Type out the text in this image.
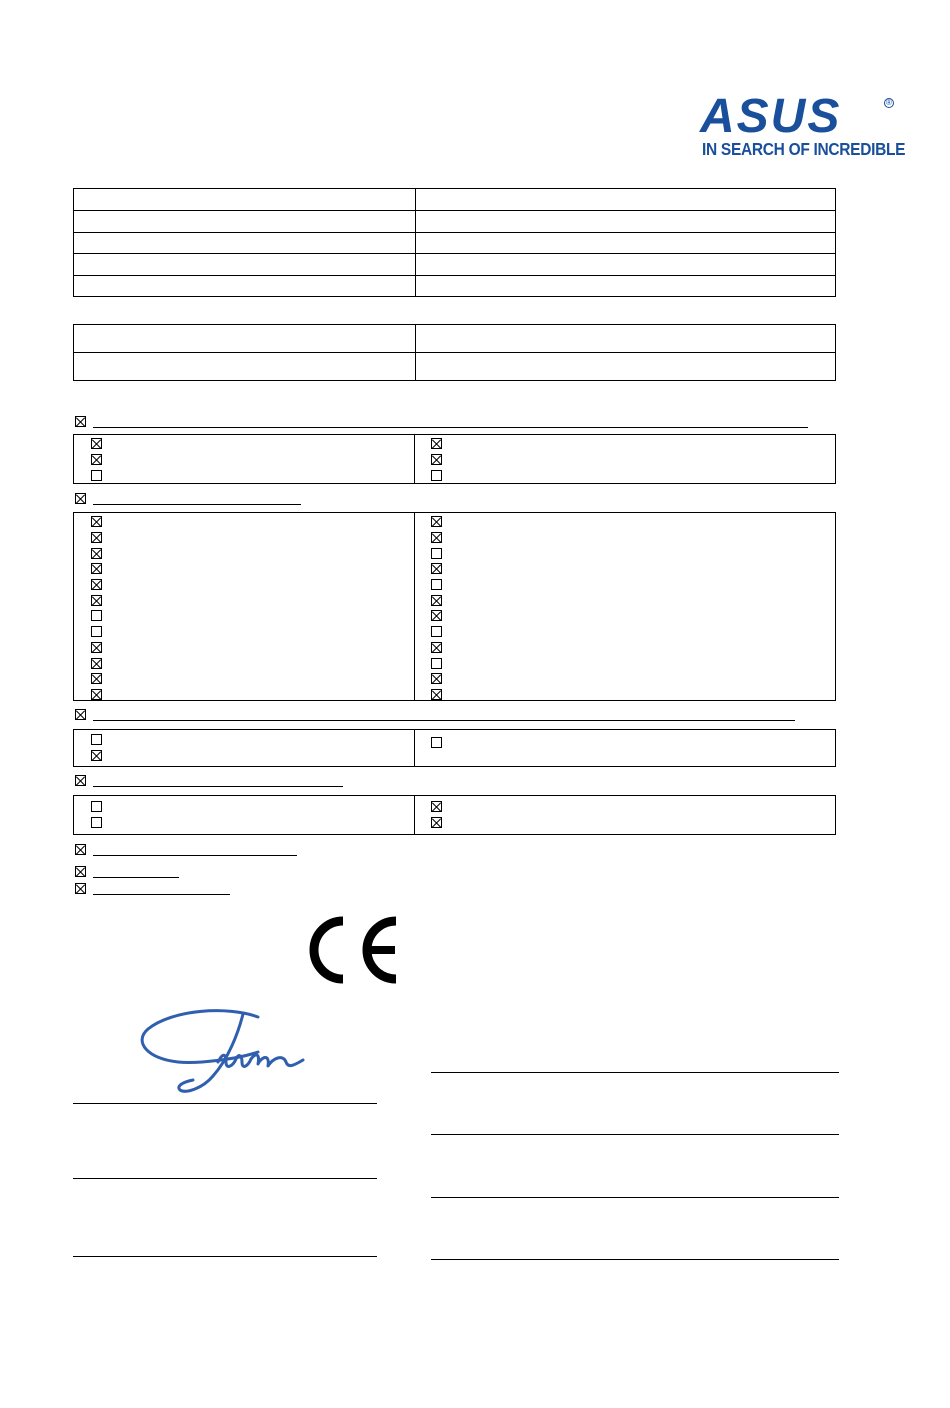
ASUS	®
IN SEARCH OF INCREDIBLE
